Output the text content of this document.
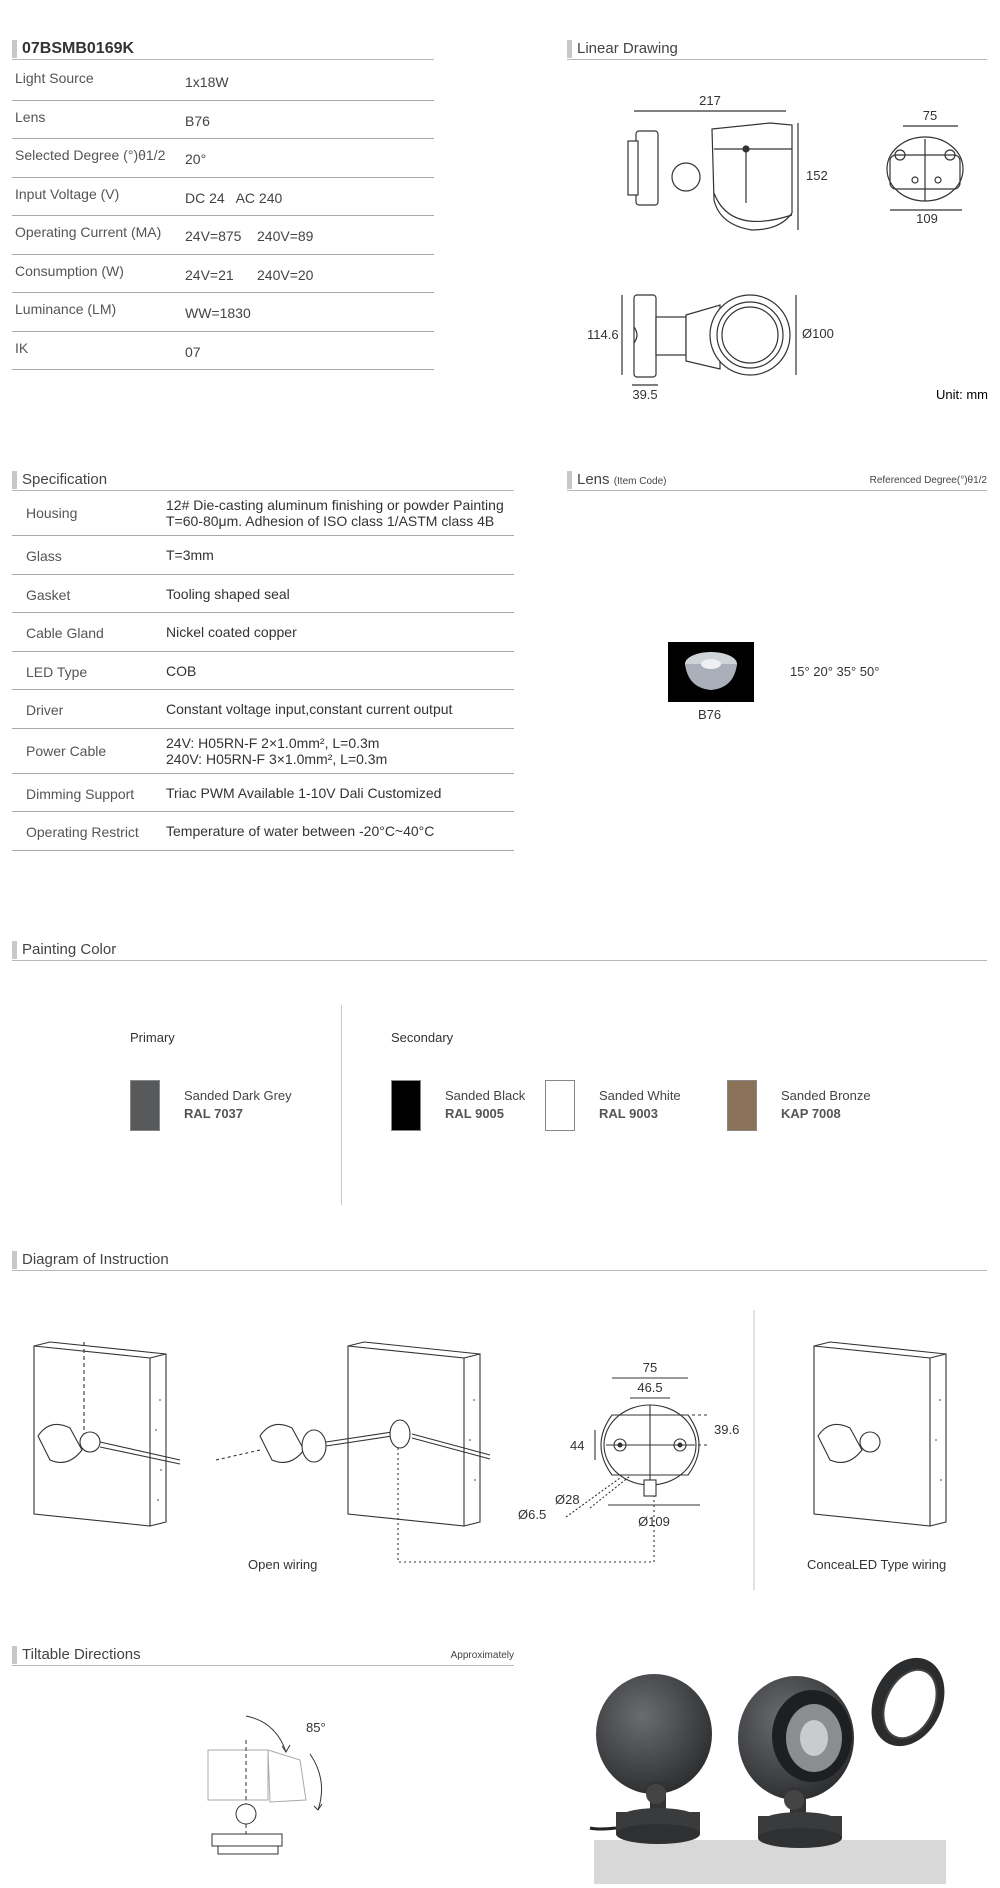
07BSMB0169K
Light Source	1x18W
Lens	B76
Selected Degree (°)θ1/2 20°
Input Voltage (V)	DC 24   AC 240
Operating Current (MA) 24V=875    240V=89
Consumption (W)	24V=21      240V=20
Luminance (LM)	WW=1830
IK	07
Linear Drawing
217
152
75
109
114.6	Ø100
39.5	Unit: mm
Specification
Housing	12# Die-casting aluminum finishing or powder Painting
T=60-80μm. Adhesion of ISO class 1/ASTM class 4B
Glass	T=3mm
Gasket	Tooling shaped seal
Cable Gland	Nickel coated copper
LED Type	COB
Driver	Constant voltage input,constant current output
Power Cable	24V: H05RN-F 2×1.0mm², L=0.3m
240V: H05RN-F 3×1.0mm², L=0.3m
Dimming Support Triac PWM Available 1-10V Dali Customized
Operating Restrict Temperature of water between -20°C~40°C
Lens (Item Code)	Referenced Degree(°)θ1/2
B76
15° 20° 35° 50°
Painting Color
Primary	Secondary
Sanded Dark Grey
RAL 7037
Sanded Black
RAL 9005
Sanded White
RAL 9003
Sanded Bronze
KAP 7008
Diagram of Instruction
75
46.5
39.6
44
Ø28
Ø6.5	Ø109
Open wiring	ConceaLED Type wiring
Tiltable Directions	Approximately
85°
